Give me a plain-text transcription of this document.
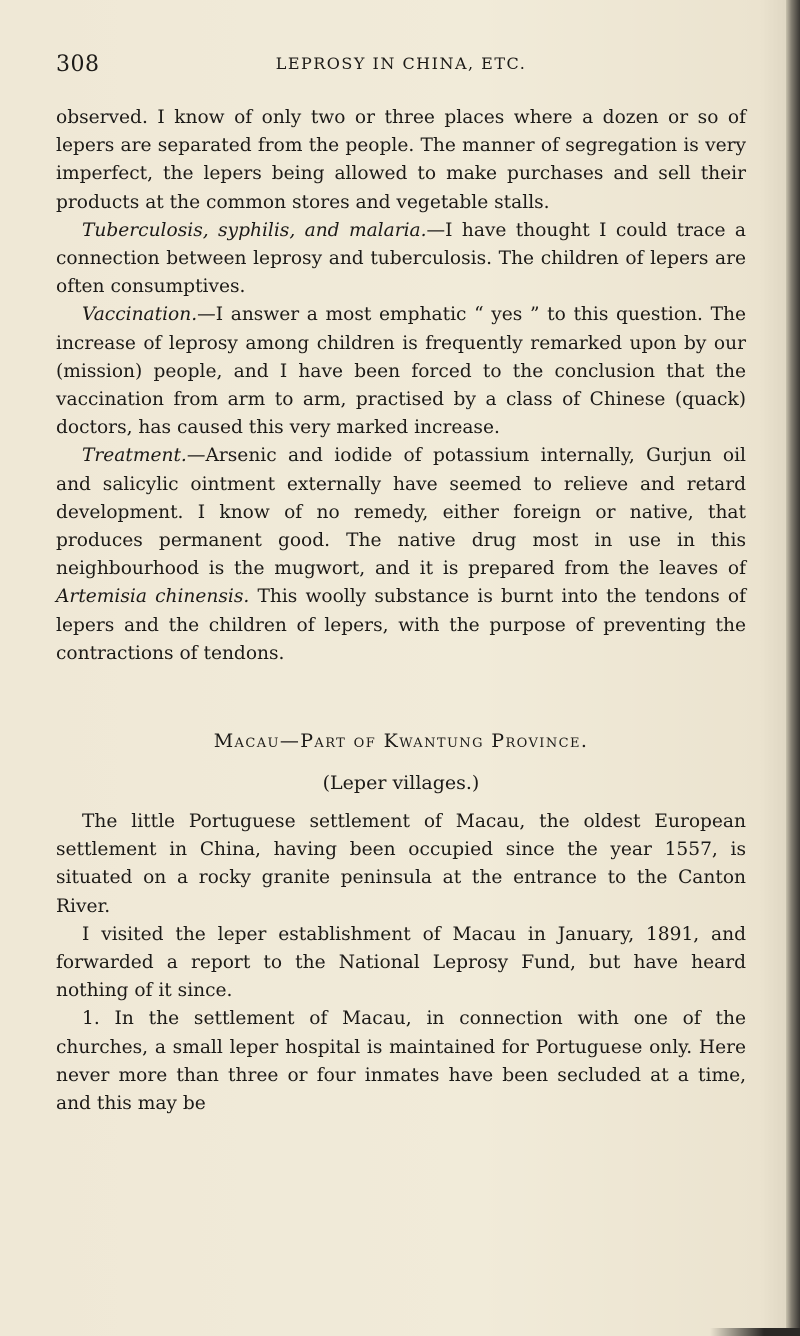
308	LEPROSY IN CHINA, ETC.

observed. I know of only two or three places where a dozen or so of lepers are separated from the people. The manner of segregation is very imperfect, the lepers being allowed to make purchases and sell their products at the common stores and vegetable stalls.

Tuberculosis, syphilis, and malaria.—I have thought I could trace a connection between leprosy and tuberculosis. The children of lepers are often consumptives.

Vaccination.—I answer a most emphatic “ yes ” to this question. The increase of leprosy among children is frequently remarked upon by our (mission) people, and I have been forced to the conclusion that the vaccination from arm to arm, practised by a class of Chinese (quack) doctors, has caused this very marked increase.

Treatment.—Arsenic and iodide of potassium internally, Gurjun oil and salicylic ointment externally have seemed to relieve and retard development. I know of no remedy, either foreign or native, that produces permanent good. The native drug most in use in this neighbourhood is the mugwort, and it is prepared from the leaves of Artemisia chinensis. This woolly substance is burnt into the tendons of lepers and the children of lepers, with the purpose of preventing the contractions of tendons.

Macau—Part of Kwantung Province.
(Leper villages.)

The little Portuguese settlement of Macau, the oldest European settlement in China, having been occupied since the year 1557, is situated on a rocky granite peninsula at the entrance to the Canton River.

I visited the leper establishment of Macau in January, 1891, and forwarded a report to the National Leprosy Fund, but have heard nothing of it since.

1. In the settlement of Macau, in connection with one of the churches, a small leper hospital is maintained for Portuguese only. Here never more than three or four inmates have been secluded at a time, and this may be
